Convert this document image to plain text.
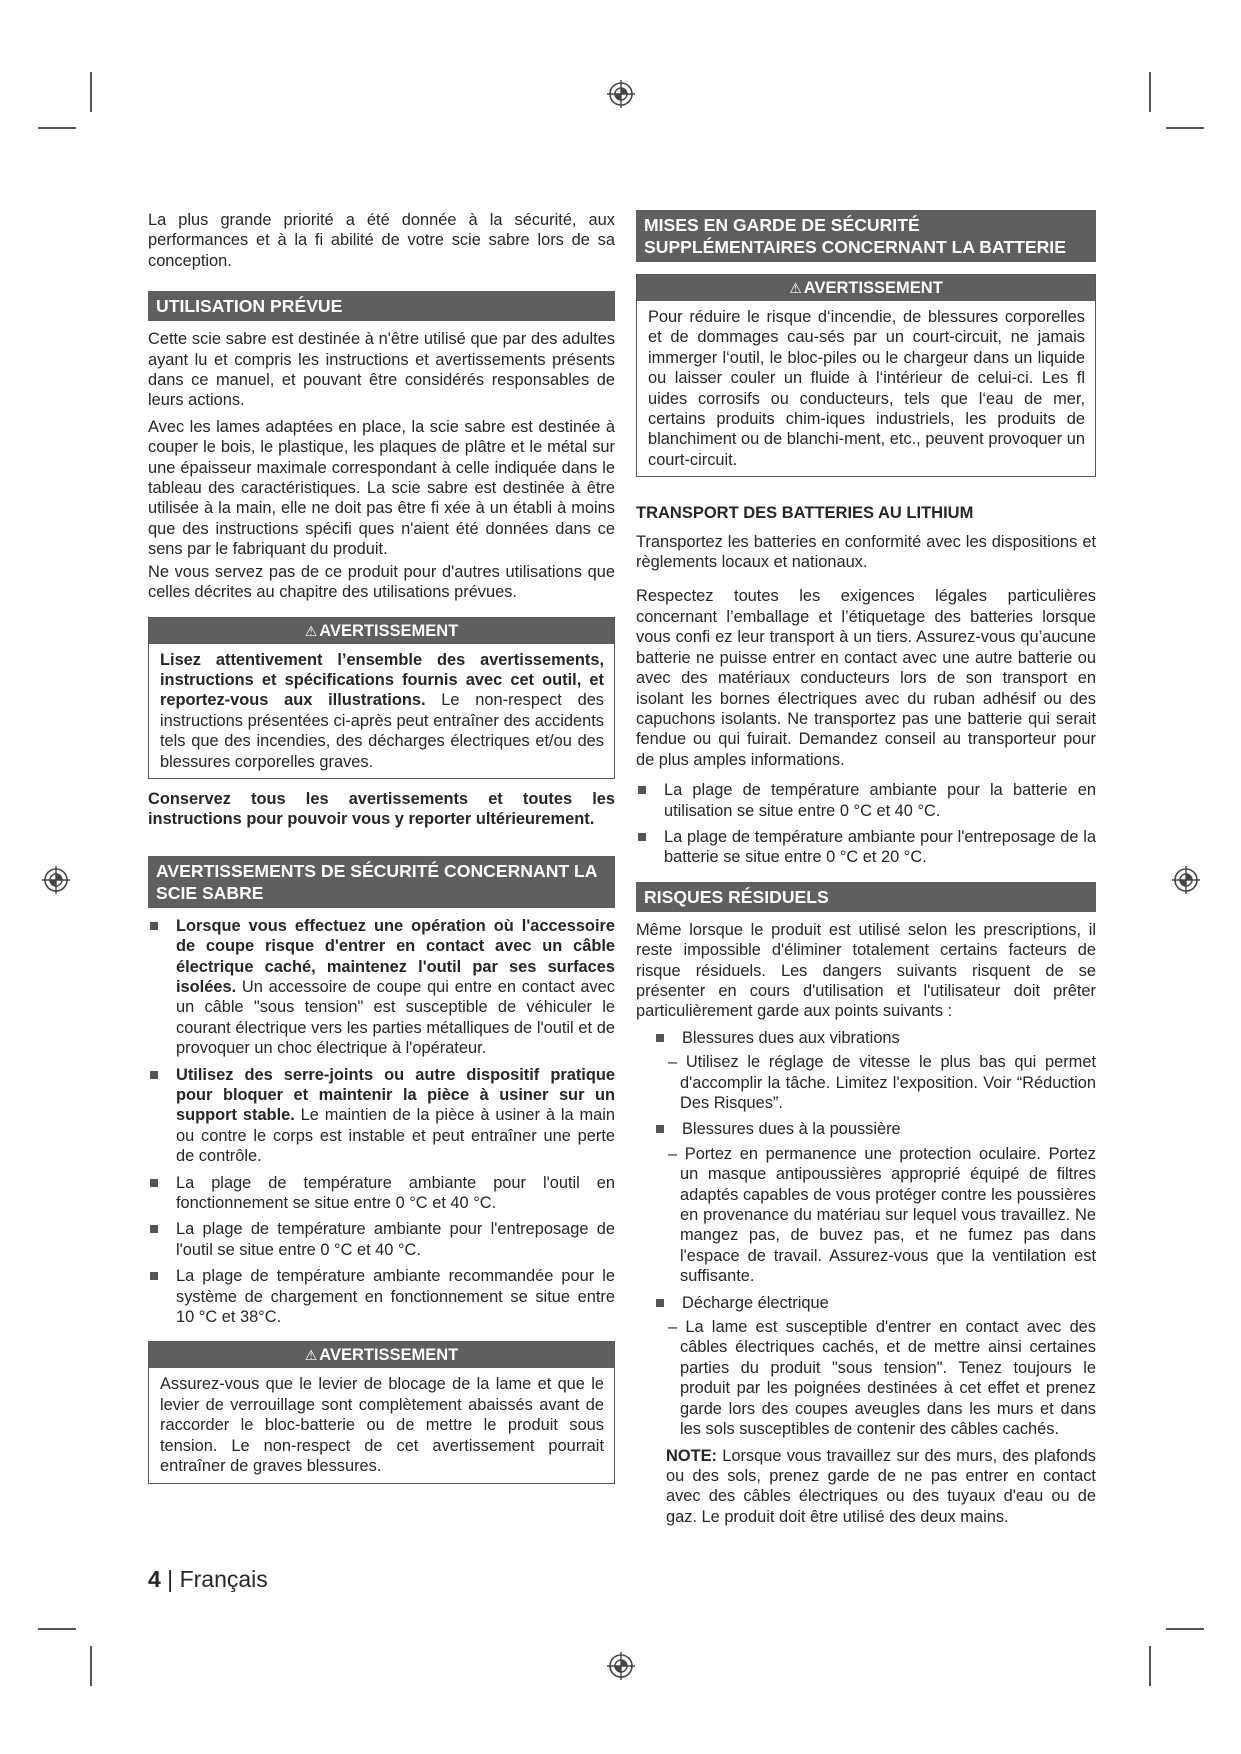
La plus grande priorité a été donnée à la sécurité, aux performances et à la fi abilité de votre scie sabre lors de sa conception.

UTILISATION PRÉVUE

Cette scie sabre est destinée à n'être utilisé que par des adultes ayant lu et compris les instructions et avertissements présents dans ce manuel, et pouvant être considérés responsables de leurs actions.

Avec les lames adaptées en place, la scie sabre est destinée à couper le bois, le plastique, les plaques de plâtre et le métal sur une épaisseur maximale correspondant à celle indiquée dans le tableau des caractéristiques. La scie sabre est destinée à être utilisée à la main, elle ne doit pas être fi xée à un établi à moins que des instructions spécifi ques n'aient été données dans ce sens par le fabriquant du produit.

Ne vous servez pas de ce produit pour d'autres utilisations que celles décrites au chapitre des utilisations prévues.

⚠ AVERTISSEMENT
Lisez attentivement l’ensemble des avertissements, instructions et spécifications fournis avec cet outil, et reportez-vous aux illustrations. Le non-respect des instructions présentées ci-après peut entraîner des accidents tels que des incendies, des décharges électriques et/ou des blessures corporelles graves.

Conservez tous les avertissements et toutes les instructions pour pouvoir vous y reporter ultérieurement.

AVERTISSEMENTS DE SÉCURITÉ CONCERNANT LA SCIE SABRE
Lorsque vous effectuez une opération où l'accessoire de coupe risque d'entrer en contact avec un câble électrique caché, maintenez l'outil par ses surfaces isolées. Un accessoire de coupe qui entre en contact avec un câble "sous tension" est susceptible de véhiculer le courant électrique vers les parties métalliques de l'outil et de provoquer un choc électrique à l'opérateur.
Utilisez des serre-joints ou autre dispositif pratique pour bloquer et maintenir la pièce à usiner sur un support stable. Le maintien de la pièce à usiner à la main ou contre le corps est instable et peut entraîner une perte de contrôle.
La plage de température ambiante pour l'outil en fonctionnement se situe entre 0 °C et 40 °C.
La plage de température ambiante pour l'entreposage de l'outil se situe entre 0 °C et 40 °C.
La plage de température ambiante recommandée pour le système de chargement en fonctionnement se situe entre 10 °C et 38°C.
⚠ AVERTISSEMENT
Assurez-vous que le levier de blocage de la lame et que le levier de verrouillage sont complètement abaissés avant de raccorder le bloc-batterie ou de mettre le produit sous tension. Le non-respect de cet avertissement pourrait entraîner de graves blessures.
MISES EN GARDE DE SÉCURITÉ SUPPLÉMENTAIRES CONCERNANT LA BATTERIE
⚠ AVERTISSEMENT
Pour réduire le risque d‘incendie, de blessures corporelles et de dommages cau-sés par un court-circuit, ne jamais immerger l‘outil, le bloc-piles ou le chargeur dans un liquide ou laisser couler un fluide à l‘intérieur de celui-ci. Les fl uides corrosifs ou conducteurs, tels que l‘eau de mer, certains produits chim-iques industriels, les produits de blanchiment ou de blanchi-ment, etc., peuvent provoquer un court-circuit.
TRANSPORT DES BATTERIES AU LITHIUM

Transportez les batteries en conformité avec les dispositions et règlements locaux et nationaux.

Respectez toutes les exigences légales particulières concernant l’emballage et l’étiquetage des batteries lorsque vous confi ez leur transport à un tiers. Assurez-vous qu’aucune batterie ne puisse entrer en contact avec une autre batterie ou avec des matériaux conducteurs lors de son transport en isolant les bornes électriques avec du ruban adhésif ou des capuchons isolants. Ne transportez pas une batterie qui serait fendue ou qui fuirait. Demandez conseil au transporteur pour de plus amples informations.

La plage de température ambiante pour la batterie en utilisation se situe entre 0 °C et 40 °C.
La plage de température ambiante pour l'entreposage de la batterie se situe entre 0 °C et 20 °C.
RISQUES RÉSIDUELS

Même lorsque le produit est utilisé selon les prescriptions, il reste impossible d'éliminer totalement certains facteurs de risque résiduels. Les dangers suivants risquent de se présenter en cours d'utilisation et l'utilisateur doit prêter particulièrement garde aux points suivants :

Blessures dues aux vibrations
– Utilisez le réglage de vitesse le plus bas qui permet d'accomplir la tâche. Limitez l'exposition. Voir “Réduction Des Risques”.
Blessures dues à la poussière
– Portez en permanence une protection oculaire. Portez un masque antipoussières approprié équipé de filtres adaptés capables de vous protéger contre les poussières en provenance du matériau sur lequel vous travaillez. Ne mangez pas, de buvez pas, et ne fumez pas dans l'espace de travail. Assurez-vous que la ventilation est suffisante.
Décharge électrique
– La lame est susceptible d'entrer en contact avec des câbles électriques cachés, et de mettre ainsi certaines parties du produit "sous tension". Tenez toujours le produit par les poignées destinées à cet effet et prenez garde lors des coupes aveugles dans les murs et dans les sols susceptibles de contenir des câbles cachés.

NOTE: Lorsque vous travaillez sur des murs, des plafonds ou des sols, prenez garde de ne pas entrer en contact avec des câbles électriques ou des tuyaux d'eau ou de gaz. Le produit doit être utilisé des deux mains.

4 | Français
